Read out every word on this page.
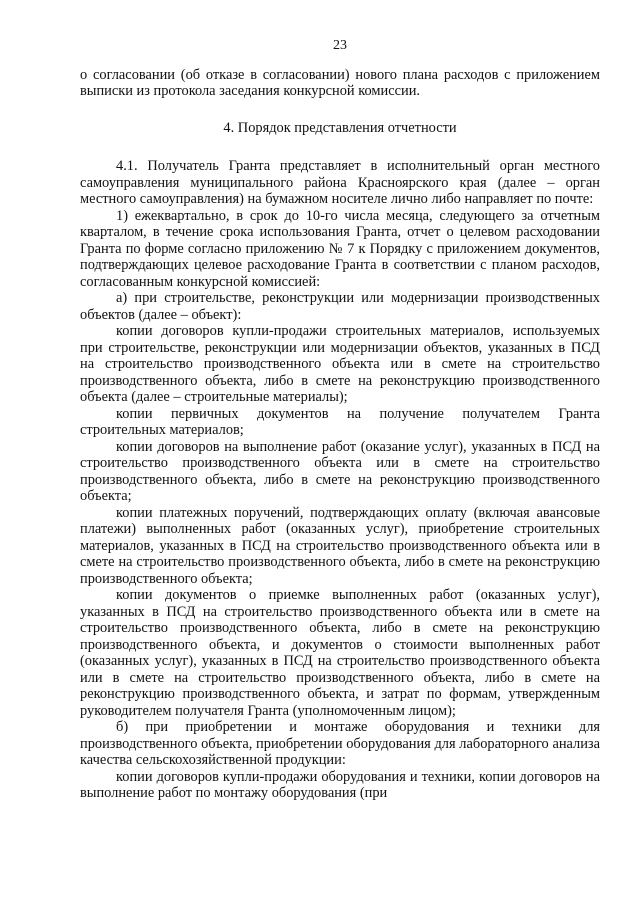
23

о согласовании (об отказе в согласовании) нового плана расходов с приложением выписки из протокола заседания конкурсной комиссии.

4. Порядок представления отчетности

4.1. Получатель Гранта представляет в исполнительный орган местного самоуправления муниципального района Красноярского края (далее – орган местного самоуправления) на бумажном носителе лично либо направляет по почте:

1) ежеквартально, в срок до 10-го числа месяца, следующего за отчетным кварталом, в течение срока использования Гранта, отчет о целевом расходовании Гранта по форме согласно приложению № 7 к Порядку с приложением документов, подтверждающих целевое расходование Гранта в соответствии с планом расходов, согласованным конкурсной комиссией:

а) при строительстве, реконструкции или модернизации производственных объектов (далее – объект):

копии договоров купли-продажи строительных материалов, используемых при строительстве, реконструкции или модернизации объектов, указанных в ПСД на строительство производственного объекта или в смете на строительство производственного объекта, либо в смете на реконструкцию производственного объекта (далее – строительные материалы);

копии первичных документов на получение получателем Гранта строительных материалов;

копии договоров на выполнение работ (оказание услуг), указанных в ПСД на строительство производственного объекта или в смете на строительство производственного объекта, либо в смете на реконструкцию производственного объекта;

копии платежных поручений, подтверждающих оплату (включая авансовые платежи) выполненных работ (оказанных услуг), приобретение строительных материалов, указанных в ПСД на строительство производственного объекта или в смете на строительство производственного объекта, либо в смете на реконструкцию производственного объекта;

копии документов о приемке выполненных работ (оказанных услуг), указанных в ПСД на строительство производственного объекта или в смете на строительство производственного объекта, либо в смете на реконструкцию производственного объекта, и документов о стоимости выполненных работ (оказанных услуг), указанных в ПСД на строительство производственного объекта или в смете на строительство производственного объекта, либо в смете на реконструкцию производственного объекта, и затрат по формам, утвержденным руководителем получателя Гранта (уполномоченным лицом);

б) при приобретении и монтаже оборудования и техники для производственного объекта, приобретении оборудования для лабораторного анализа качества сельскохозяйственной продукции:

копии договоров купли-продажи оборудования и техники, копии договоров на выполнение работ по монтажу оборудования (при
